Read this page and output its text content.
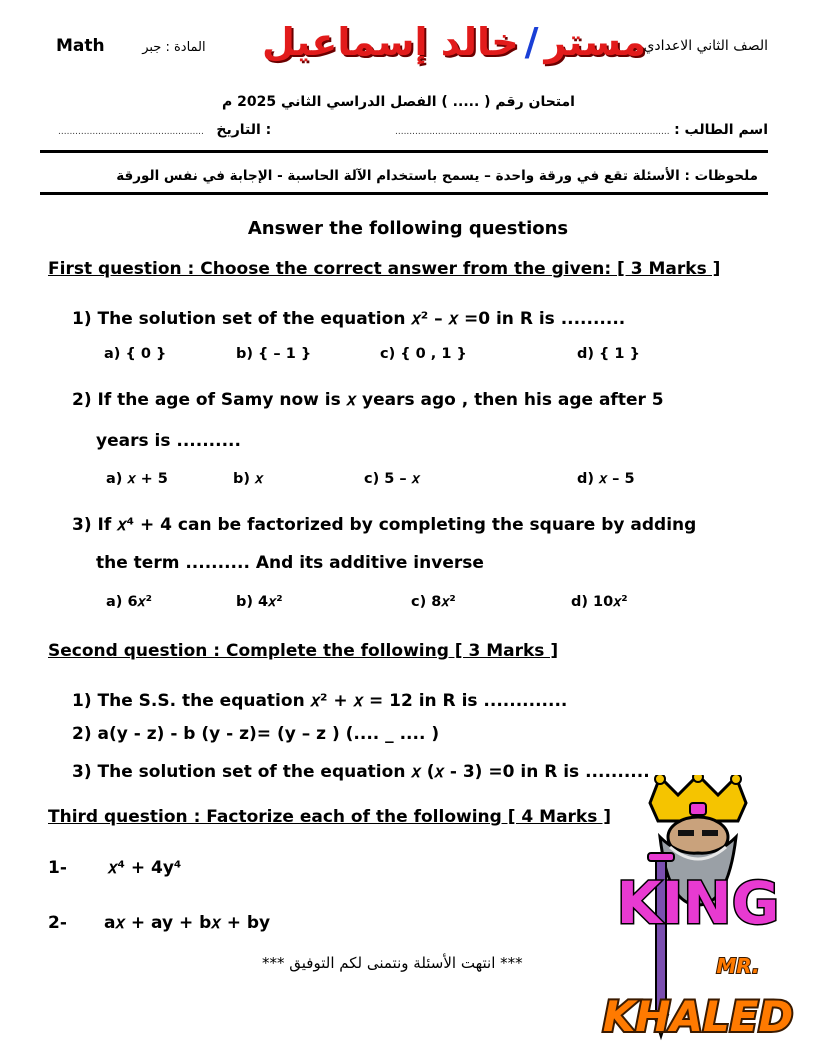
Math	المادة : جبر	مستر/خالد إسماعيل	الصف الثاني الاعدادي
امتحان رقم ( ..... ) الفصل الدراسي الثاني 2025 م
اسم الطالب : ................................................................................................
................................................... التاريخ :
ملحوظات : الأسئلة تقع في ورقة واحدة – يسمح باستخدام الآلة الحاسبة - الإجابة في نفس الورقة
Answer the following questions
First question : Choose the correct answer from the given: [ 3 Marks ]
1) The solution set of the equation 𝑥² – 𝑥 =0 in R is ..........
a) { 0 }	b) { – 1 }	c) { 0 , 1 }	d) { 1 }
2) If the age of Samy now is 𝑥 years ago , then his age after 5
years is ..........
a) 𝑥 + 5	b) 𝑥	c) 5 – 𝑥	d) 𝑥 – 5
3) If 𝑥⁴ + 4 can be factorized by completing the square by adding
the term .......... And its additive inverse
a) 6𝑥²	b) 4𝑥²	c) 8𝑥²	d) 10𝑥²
Second question : Complete the following [ 3 Marks ]
1) The S.S. the equation 𝑥² + 𝑥 = 12 in R is .............
2) a(y - z) - b (y - z)= (y – z ) (.... _ .... )
3) The solution set of the equation 𝑥 (𝑥 - 3) =0 in R is ..........
Third question : Factorize each of the following [ 4 Marks ]
1- 𝑥⁴ + 4y⁴
2- a𝑥 + ay + b𝑥 + by
*** انتهت الأسئلة ونتمنى لكم التوفيق ***
KING
MR.
KHALED
